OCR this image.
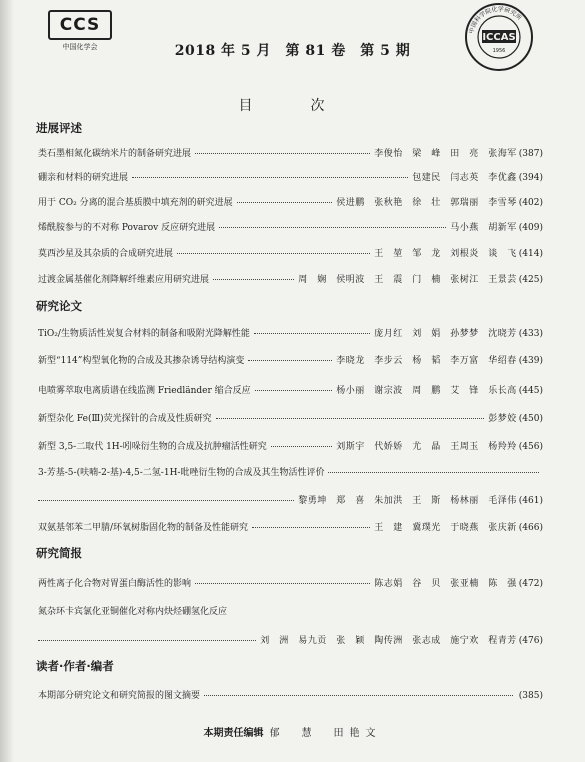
CCS
中国化学会
中国科学院化学研究所
ICCAS
1956
2018 年 5 月　第 81 卷　第 5 期
目　次
进展评述
类石墨相氮化碳纳米片的制备研究进展	李俊怡　梁　峰　田　亮　张海军 (387)
硼亲和材料的研究进展	包建民　闫志英　李优鑫 (394)
用于 CO₂ 分离的混合基质膜中填充剂的研究进展	侯进鹏　张秋艳　徐　壮　郭瑞丽　李雪琴 (402)
烯酰胺参与的不对称 Povarov 反应研究进展	马小燕　胡新军 (409)
莫西沙星及其杂质的合成研究进展	王　堃　邹　龙　刘根炎　谈　飞 (414)
过渡金属基催化剂降解纤维素应用研究进展	周　娴　侯明波　王　震　门　楠　张树江　王景芸 (425)
研究论文
TiO₂/生物质活性炭复合材料的制备和吸附光降解性能	庞月红　刘　娟　孙梦梦　沈晓芳 (433)
新型“114”构型氧化物的合成及其掺杂诱导结构演变	李晓龙　李步云　杨　韬　李万富　华绍春 (439)
电喷雾萃取电离质谱在线监测 Friedländer 缩合反应	杨小丽　谢宗波　周　鹏　艾　锋　乐长高 (445)
新型杂化 Fe(Ⅲ)荧光探针的合成及性质研究	彭梦姣 (450)
新型 3,5-二取代 1H-吲哚衍生物的合成及抗肿瘤活性研究	刘斯宇　代娇娇　尤　晶　王周玉　杨羚羚 (456)
3-芳基-5-(呋喃-2-基)-4,5-二氢-1H-吡唑衍生物的合成及其生物活性评价
黎勇坤　郑　喜　朱加洪　王　斯　杨林丽　毛泽伟 (461)
双氨基邻苯二甲腈/环氧树脂固化物的制备及性能研究	王　建　冀璞光　于晓燕　张庆新 (466)
研究简报
两性离子化合物对胃蛋白酶活性的影响	陈志娟　谷　贝　张亚楠　陈　强 (472)
氮杂环卡宾氯化亚铜催化对称内炔烃硼氢化反应
刘　洲　易九贡　张　颖　陶传洲　张志成　施宁欢　程青芳 (476)
读者·作者·编者
本期部分研究论文和研究简报的图文摘要	(385)
本期责任编辑 郁　慧　田艳文
